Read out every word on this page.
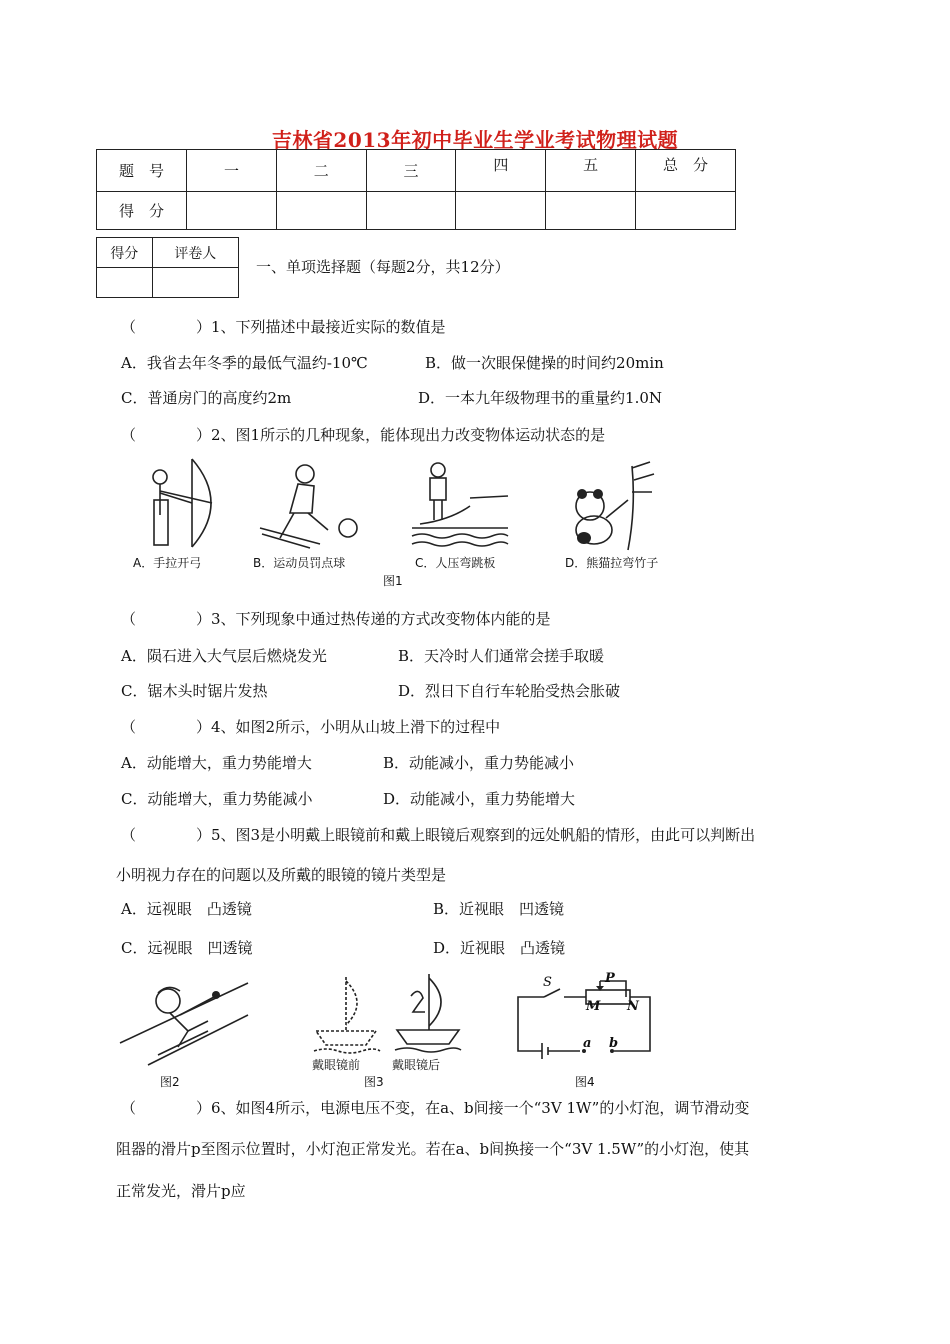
吉林省2013年初中毕业生学业考试物理试题
题　号	一	二	三	四	五	总　分
得　分						
得分	评卷人

一、单项选择题（每题2分，共12分）
（　　　　）1、下列描述中最接近实际的数值是
A．我省去年冬季的最低气温约-10℃	B．做一次眼保健操的时间约20min
C．普通房门的高度约2m	D．一本九年级物理书的重量约1.0N
（　　　　）2、图1所示的几种现象，能体现出力改变物体运动状态的是
A．手拉开弓	B．运动员罚点球	C．人压弯跳板	D．熊猫拉弯竹子
图1
（　　　　）3、下列现象中通过热传递的方式改变物体内能的是
A．陨石进入大气层后燃烧发光	B．天冷时人们通常会搓手取暖
C．锯木头时锯片发热	D．烈日下自行车轮胎受热会胀破
（　　　　）4、如图2所示，小明从山坡上滑下的过程中
A．动能增大，重力势能增大	B．动能减小，重力势能减小
C．动能增大，重力势能减小	D．动能减小，重力势能增大
（　　　　）5、图3是小明戴上眼镜前和戴上眼镜后观察到的远处帆船的情形，由此可以判断出
小明视力存在的问题以及所戴的眼镜的镜片类型是
A．远视眼　凸透镜	B．近视眼　凹透镜
C．远视眼　凹透镜	D．近视眼　凸透镜
图2
戴眼镜前	戴眼镜后
图3
S	P
M N
a b
图4
（　　　　）6、如图4所示，电源电压不变，在a、b间接一个“3V 1W”的小灯泡，调节滑动变
阻器的滑片p至图示位置时，小灯泡正常发光。若在a、b间换接一个“3V 1.5W”的小灯泡，使其
正常发光，滑片p应
